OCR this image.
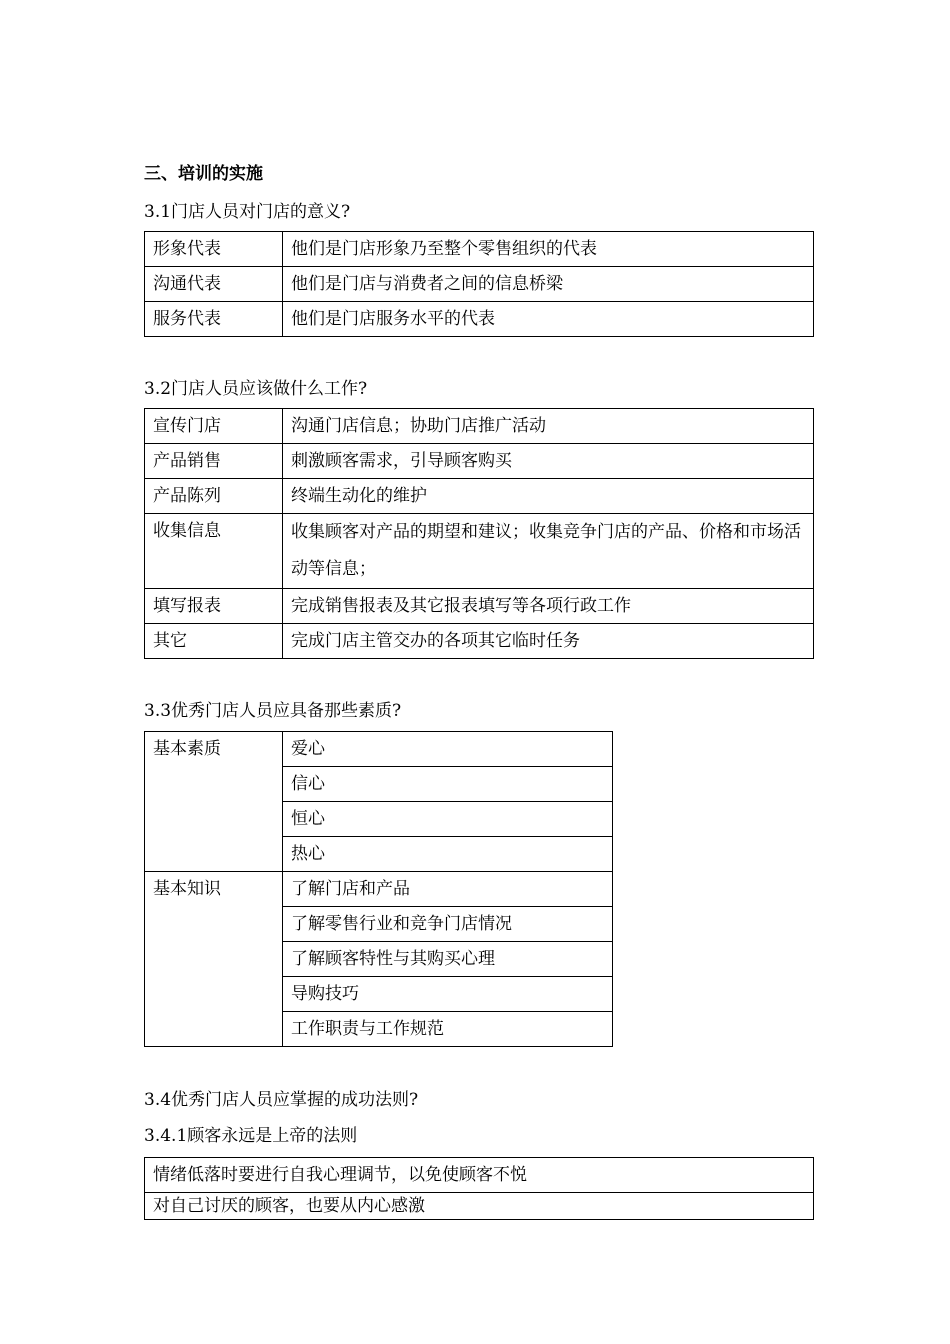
三、培训的实施
3.1门店人员对门店的意义?
形象代表	他们是门店形象乃至整个零售组织的代表
沟通代表	他们是门店与消费者之间的信息桥梁
服务代表	他们是门店服务水平的代表
3.2门店人员应该做什么工作?
宣传门店	沟通门店信息；协助门店推广活动
产品销售	刺激顾客需求，引导顾客购买
产品陈列	终端生动化的维护
收集信息	收集顾客对产品的期望和建议；收集竞争门店的产品、价格和市场活动等信息；
填写报表	完成销售报表及其它报表填写等各项行政工作
其它	完成门店主管交办的各项其它临时任务
3.3优秀门店人员应具备那些素质?
基本素质	爱心
	信心
	恒心
	热心
基本知识	了解门店和产品
	了解零售行业和竞争门店情况
	了解顾客特性与其购买心理
	导购技巧
	工作职责与工作规范
3.4优秀门店人员应掌握的成功法则?
3.4.1顾客永远是上帝的法则
情绪低落时要进行自我心理调节，以免使顾客不悦
对自己讨厌的顾客，也要从内心感激
